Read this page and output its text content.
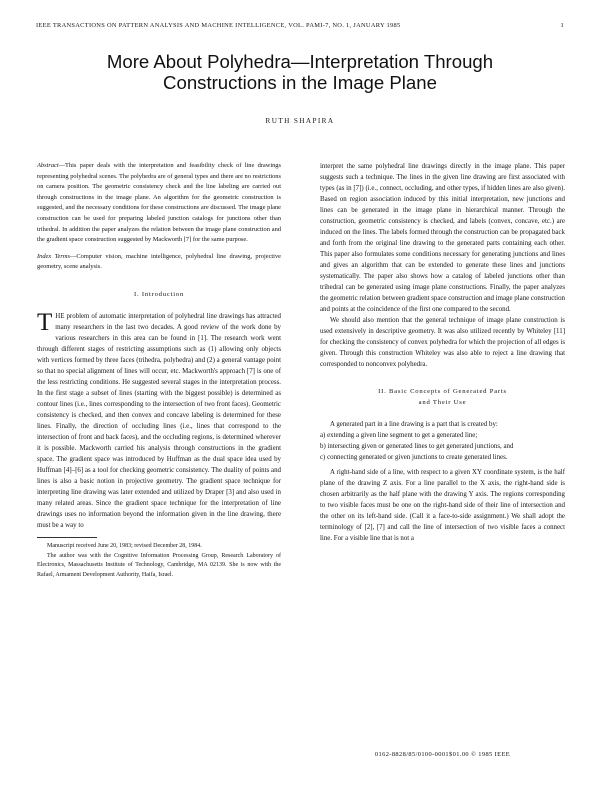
IEEE TRANSACTIONS ON PATTERN ANALYSIS AND MACHINE INTELLIGENCE, VOL. PAMI-7, NO. 1, JANUARY 1985	1
More About Polyhedra—Interpretation Through
Constructions in the Image Plane
RUTH SHAPIRA

Abstract—This paper deals with the interpretation and feasibility check of line drawings representing polyhedral scenes. The polyhedra are of general types and there are no restrictions on camera position. The geometric consistency check and the line labeling are carried out through constructions in the image plane. An algorithm for the geometric construction is suggested, and the necessary conditions for these constructions are discussed. The image plane construction can be used for preparing labeled junction catalogs for junctions other than trihedral. In addition the paper analyzes the relation between the image plane construction and the gradient space construction suggested by Mackworth [7] for the same purpose.

Index Terms—Computer vision, machine intelligence, polyhedral line drawing, projective geometry, scene analysis.

I. Introduction

THE problem of automatic interpretation of polyhedral line drawings has attracted many researchers in the last two decades. A good review of the work done by various researchers in this area can be found in [1]. The research work went through different stages of restricting assumptions such as (1) allowing only objects with vertices formed by three faces (trihedra, polyhedra) and (2) a general vantage point so that no special alignment of lines will occur, etc. Mackworth's approach [7] is one of the less restricting conditions. He suggested several stages in the interpretation process. In the first stage a subset of lines (starting with the biggest possible) is determined as contour lines (i.e., lines corresponding to the intersection of two front faces). Geometric consistency is checked, and then convex and concave labeling is determined for these lines. Finally, the direction of occluding lines (i.e., lines that correspond to the intersection of front and back faces), and the occluding regions, is determined wherever it is possible. Mackworth carried his analysis through constructions in the gradient space. The gradient space was introduced by Huffman as the dual space idea used by Huffman [4]–[6] as a tool for checking geometric consistency. The duality of points and lines is also a basic notion in projective geometry. The gradient space technique for interpreting line drawing was later extended and utilized by Draper [3] and also used in many related areas. Since the gradient space technique for the interpretation of line drawings uses no information beyond the information given in the line drawing, there must be a way to

Manuscript received June 20, 1983; revised December 28, 1984.

The author was with the Cognitive Information Processing Group, Research Laboratory of Electronics, Massachusetts Institute of Technology, Cambridge, MA 02139. She is now with the Rafael, Armament Development Authority, Haifa, Israel.

interpret the same polyhedral line drawings directly in the image plane. This paper suggests such a technique. The lines in the given line drawing are first associated with types (as in [7]) (i.e., connect, occluding, and other types, if hidden lines are also given). Based on region association induced by this initial interpretation, new junctions and lines can be generated in the image plane in hierarchical manner. Through the construction, geometric consistency is checked, and labels (convex, concave, etc.) are induced on the lines. The labels formed through the construction can be propagated back and forth from the original line drawing to the generated parts containing each other. This paper also formulates some conditions necessary for generating junctions and lines and gives an algorithm that can be extended to generate these lines and junctions systematically. The paper also shows how a catalog of labeled junctions other than trihedral can be generated using image plane constructions. Finally, the paper analyzes the geometric relation between gradient space construction and image plane construction and points at the coincidence of the first one compared to the second.

We should also mention that the general technique of image plane construction is used extensively in descriptive geometry. It was also utilized recently by Whiteley [11] for checking the consistency of convex polyhedra for which the projection of all edges is given. Through this construction Whiteley was also able to reject a line drawing that corresponded to nonconvex polyhedra.

II. Basic Concepts of Generated Parts
and Their Use

A generated part in a line drawing is a part that is created by:

a) extending a given line segment to get a generated line;
b) intersecting given or generated lines to get generated junctions, and
c) connecting generated or given junctions to create generated lines.

A right-hand side of a line, with respect to a given XY coordinate system, is the half plane of the drawing Z axis. For a line parallel to the X axis, the right-hand side is chosen arbitrarily as the half plane with the drawing Y axis. The regions corresponding to two visible faces must be one on the right-hand side of their line of intersection and the other on its left-hand side. (Call it a face-to-side assignment.) We shall adopt the terminology of [2], [7] and call the line of intersection of two visible faces a connect line. For a visible line that is not a

0162-8828/85/0100-0001$01.00 © 1985 IEEE
